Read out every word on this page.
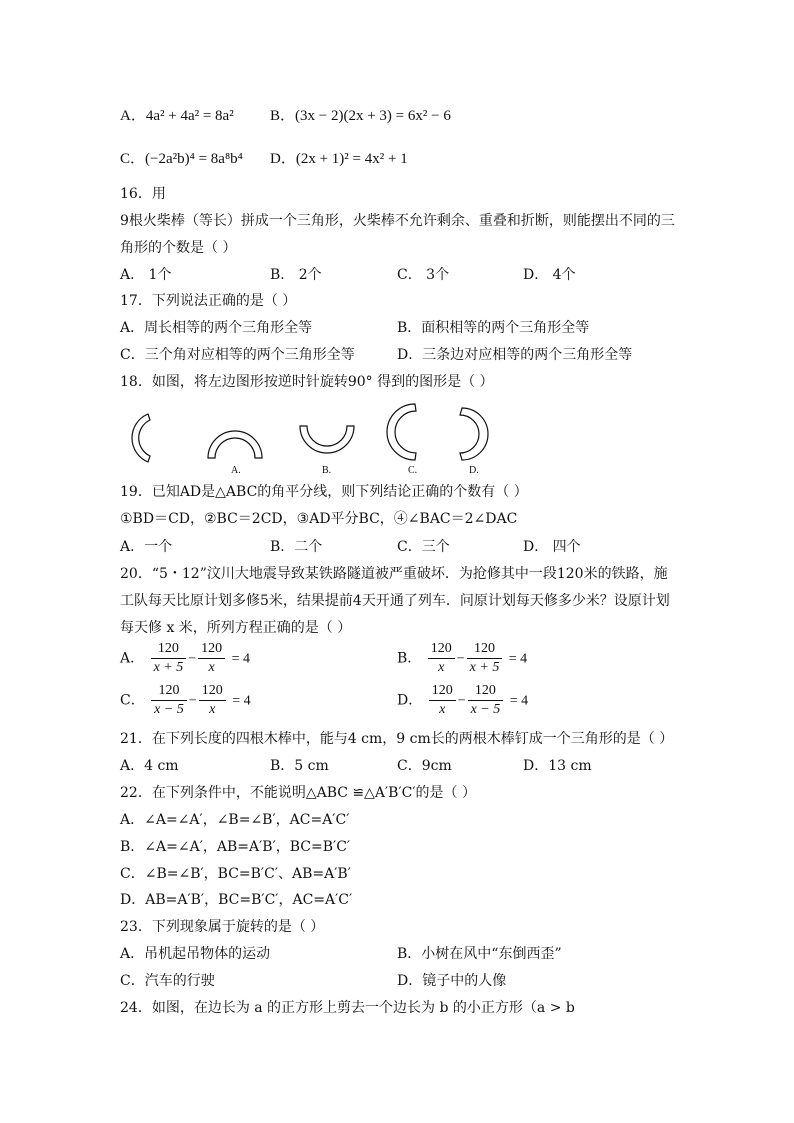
A．4a² + 4a² = 8a² B．(3x − 2)(2x + 3) = 6x² − 6
C．(−2a²b)⁴ = 8a⁸b⁴ D．(2x + 1)² = 4x² + 1
16．用
9根火柴棒（等长）拼成一个三角形，火柴棒不允许剩余、重叠和折断，则能摆出不同的三
角形的个数是（ ）
A． 1个	B． 2个	C． 3个	D． 4个
17．下列说法正确的是（ ）
A．周长相等的两个三角形全等	B．面积相等的两个三角形全等
C．三个角对应相等的两个三角形全等	D．三条边对应相等的两个三角形全等
18．如图，将左边图形按逆时针旋转90° 得到的图形是（ ）
A.	B.	C.	D.
19．已知AD是△ABC的角平分线，则下列结论正确的个数有（ ）
①BD＝CD，②BC＝2CD，③AD平分BC，④∠BAC＝2∠DAC
A．一个	B．二个	C．三个	D． 四个
20．“5・12”汶川大地震导致某铁路隧道被严重破坏．为抢修其中一段120米的铁路，施
工队每天比原计划多修5米，结果提前4天开通了列车．问原计划每天修多少米？设原计划
每天修 x 米，所列方程正确的是（ ）
A． $\frac{120}{x + 5} - \frac{120}{x} = 4$	B． $\frac{120}{x} - \frac{120}{x + 5} = 4$
C． $\frac{120}{x - 5} - \frac{120}{x} = 4$	D． $\frac{120}{x} - \frac{120}{x - 5} = 4$
21．在下列长度的四根木棒中，能与4 cm，9 cm长的两根木棒钉成一个三角形的是（ ）
A．4 cm	B．5 cm	C．9cm	D．13 cm
22．在下列条件中，不能说明△ABC ≌△A′B′C′的是（ ）
A．∠A=∠A′，∠B=∠B′，AC=A′C′
B．∠A=∠A′，AB=A′B′，BC=B′C′
C．∠B=∠B′，BC=B′C′、AB=A′B′
D．AB=A′B′，BC=B′C′，AC=A′C′
23．下列现象属于旋转的是（ ）
A．吊机起吊物体的运动	B．小树在风中“东倒西歪”
C．汽车的行驶	D．镜子中的人像
24．如图，在边长为 a 的正方形上剪去一个边长为 b 的小正方形（a > b
